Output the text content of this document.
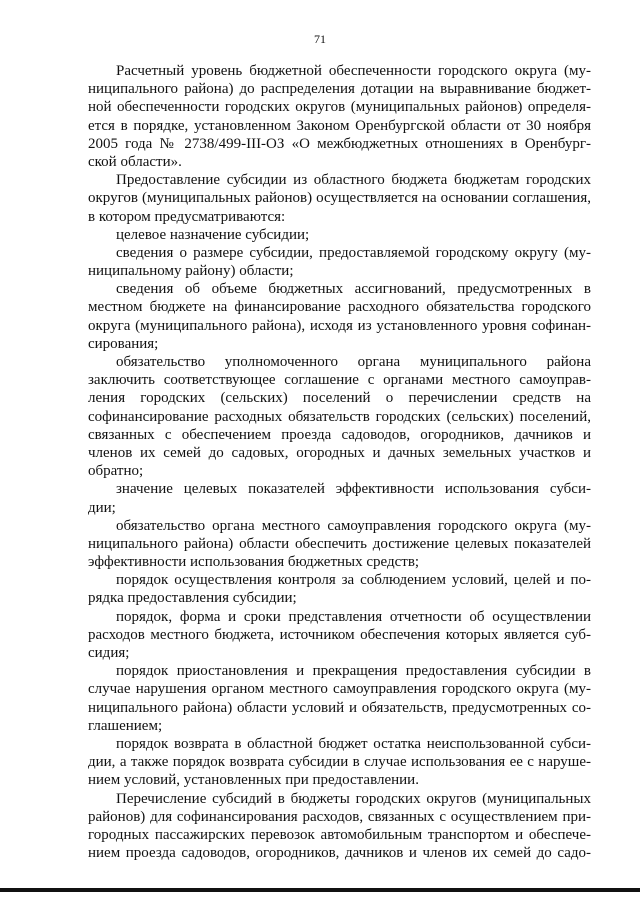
71
Расчетный уровень бюджетной обеспеченности городского округа (му-
ниципального района) до распределения дотации на выравнивание бюджет-
ной обеспеченности городских округов (муниципальных районов) определя-
ется в порядке, установленном Законом Оренбургской области от 30 ноября
2005 года № 2738/499-III-ОЗ «О межбюджетных отношениях в Оренбург-
ской области».
Предоставление субсидии из областного бюджета бюджетам городских
округов (муниципальных районов) осуществляется на основании соглашения,
в котором предусматриваются:
целевое назначение субсидии;
сведения о размере субсидии, предоставляемой городскому округу (му-
ниципальному району) области;
сведения об объеме бюджетных ассигнований, предусмотренных в
местном бюджете на финансирование расходного обязательства городского
округа (муниципального района), исходя из установленного уровня софинан-
сирования;
обязательство уполномоченного органа муниципального района
заключить соответствующее соглашение с органами местного самоуправ-
ления городских (сельских) поселений о перечислении средств на
софинансирование расходных обязательств городских (сельских) поселений,
связанных с обеспечением проезда садоводов, огородников, дачников и
членов их семей до садовых, огородных и дачных земельных участков и
обратно;
значение целевых показателей эффективности использования субси-
дии;
обязательство органа местного самоуправления городского округа (му-
ниципального района) области обеспечить достижение целевых показателей
эффективности использования бюджетных средств;
порядок осуществления контроля за соблюдением условий, целей и по-
рядка предоставления субсидии;
порядок, форма и сроки представления отчетности об осуществлении
расходов местного бюджета, источником обеспечения которых является суб-
сидия;
порядок приостановления и прекращения предоставления субсидии в
случае нарушения органом местного самоуправления городского округа (му-
ниципального района) области условий и обязательств, предусмотренных со-
глашением;
порядок возврата в областной бюджет остатка неиспользованной субси-
дии, а также порядок возврата субсидии в случае использования ее с наруше-
нием условий, установленных при предоставлении.
Перечисление субсидий в бюджеты городских округов (муниципальных
районов) для софинансирования расходов, связанных с осуществлением при-
городных пассажирских перевозок автомобильным транспортом и обеспече-
нием проезда садоводов, огородников, дачников и членов их семей до садо-
